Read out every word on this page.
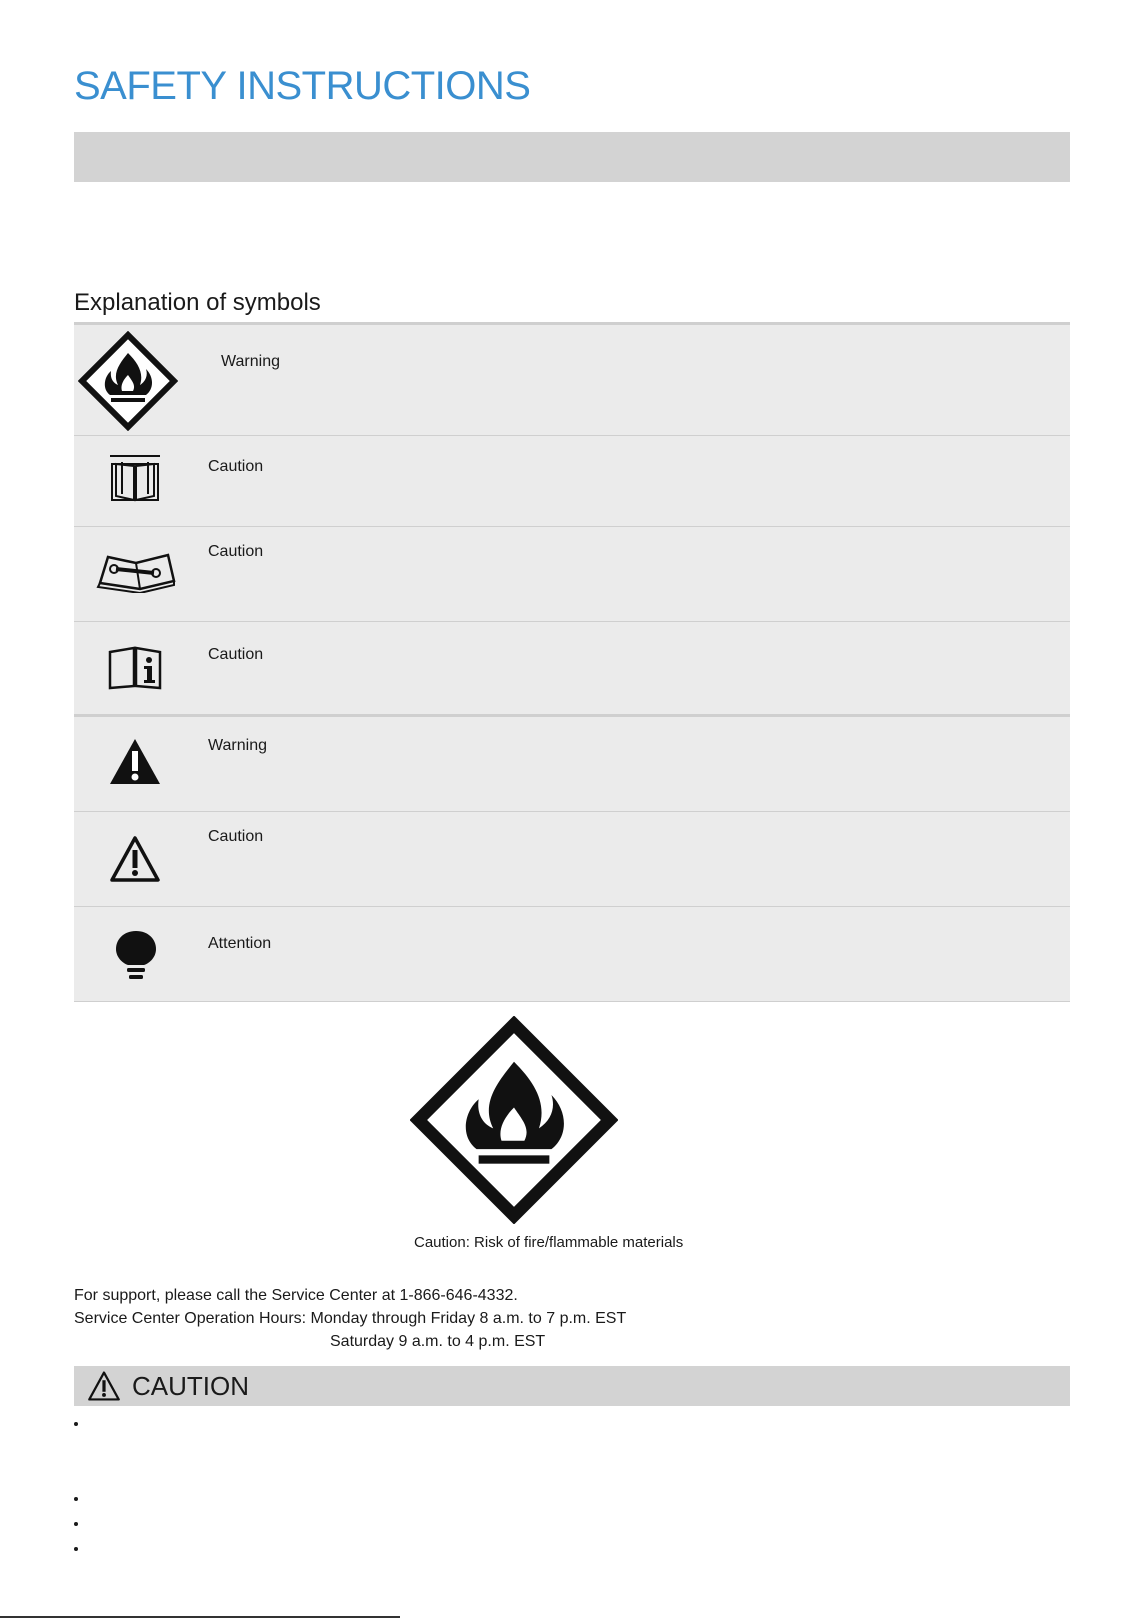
SAFETY INSTRUCTIONS
Explanation of symbols
Warning
Caution
Caution
Caution
Warning
Caution
Attention
Caution: Risk of fire/flammable materials
For support, please call the Service Center at 1-866-646-4332.
Service Center Operation Hours: Monday through Friday 8 a.m. to 7 p.m. EST
Saturday 9 a.m. to 4 p.m. EST
CAUTION
